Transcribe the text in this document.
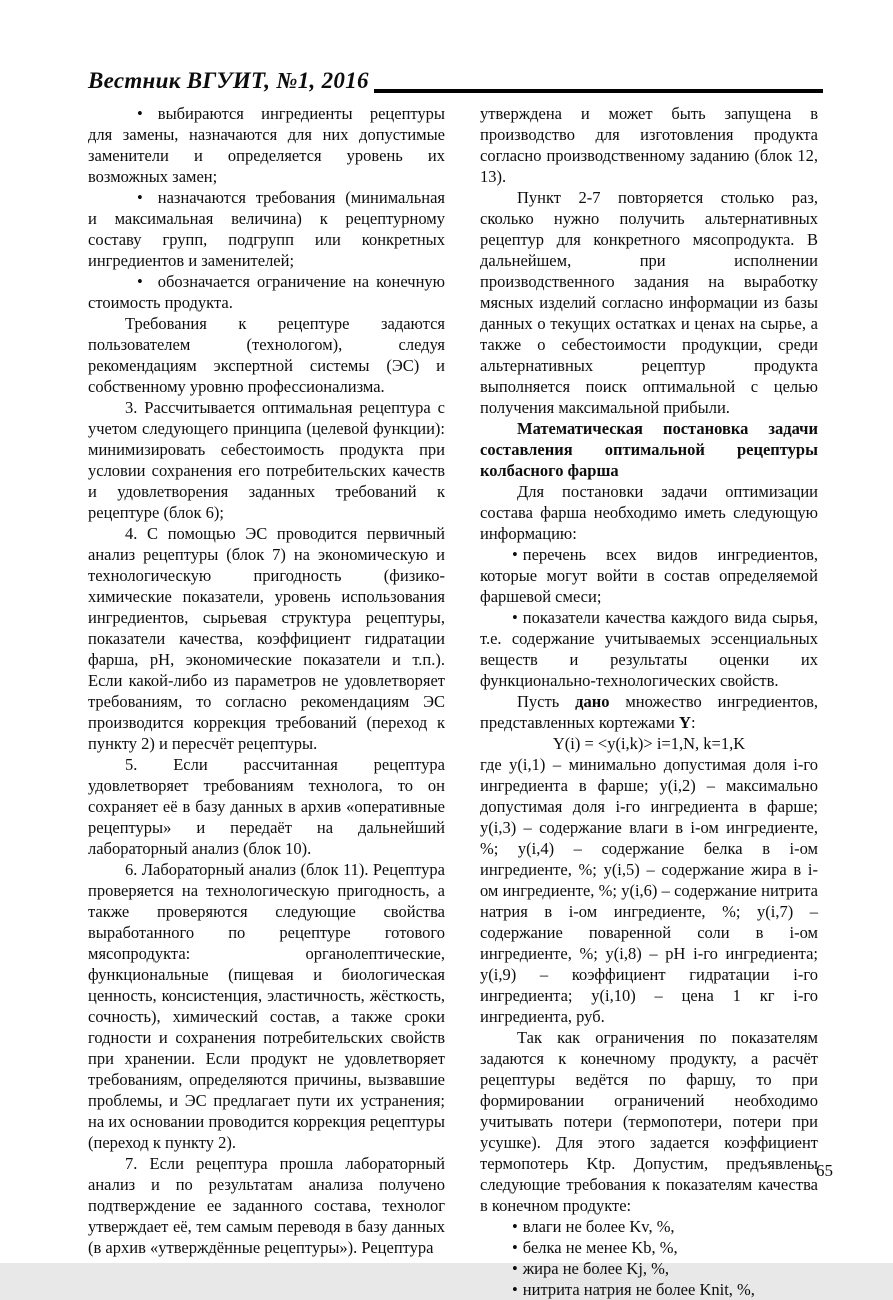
Вестник ВГУИТ, №1, 2016

• выбираются ингредиенты рецептуры для замены, назначаются для них допустимые заменители и определяется уровень их возможных замен;

• назначаются требования (минимальная и максимальная величина) к рецептурному составу групп, подгрупп или конкретных ингредиентов и заменителей;

• обозначается ограничение на конечную стоимость продукта.

Требования к рецептуре задаются пользователем (технологом), следуя рекомендациям экспертной системы (ЭС) и собственному уровню профессионализма.

3. Рассчитывается оптимальная рецептура с учетом следующего принципа (целевой функции): минимизировать себестоимость продукта при условии сохранения его потребительских качеств и удовлетворения заданных требований к рецептуре (блок 6);

4. С помощью ЭС проводится первичный анализ рецептуры (блок 7) на экономическую и технологическую пригодность (физико-химические показатели, уровень использования ингредиентов, сырьевая структура рецептуры, показатели качества, коэффициент гидратации фарша, pH, экономические показатели и т.п.). Если какой-либо из параметров не удовлетворяет требованиям, то согласно рекомендациям ЭС производится коррекция требований (переход к пункту 2) и пересчёт рецептуры.

5. Если рассчитанная рецептура удовлетворяет требованиям технолога, то он сохраняет её в базу данных в архив «оперативные рецептуры» и передаёт на дальнейший лабораторный анализ (блок 10).

6. Лабораторный анализ (блок 11). Рецептура проверяется на технологическую пригодность, а также проверяются следующие свойства выработанного по рецептуре готового мясопродукта: органолептические, функциональные (пищевая и биологическая ценность, консистенция, эластичность, жёсткость, сочность), химический состав, а также сроки годности и сохранения потребительских свойств при хранении. Если продукт не удовлетворяет требованиям, определяются причины, вызвавшие проблемы, и ЭС предлагает пути их устранения; на их основании проводится коррекция рецептуры (переход к пункту 2).

7. Если рецептура прошла лабораторный анализ и по результатам анализа получено подтверждение ее заданного состава, технолог утверждает её, тем самым переводя в базу данных (в архив «утверждённые рецептуры»). Рецептура

утверждена и может быть запущена в производство для изготовления продукта согласно производственному заданию (блок 12, 13).

Пункт 2-7 повторяется столько раз, сколько нужно получить альтернативных рецептур для конкретного мясопродукта. В дальнейшем, при исполнении производственного задания на выработку мясных изделий согласно информации из базы данных о текущих остатках и ценах на сырье, а также о себестоимости продукции, среди альтернативных рецептур продукта выполняется поиск оптимальной с целью получения максимальной прибыли.

Математическая постановка задачи составления оптимальной рецептуры колбасного фарша

Для постановки задачи оптимизации состава фарша необходимо иметь следующую информацию:

• перечень всех видов ингредиентов, которые могут войти в состав определяемой фаршевой смеси;

• показатели качества каждого вида сырья, т.е. содержание учитываемых эссенциальных веществ и результаты оценки их функционально-технологических свойств.

Пусть дано множество ингредиентов, представленных кортежами Y:

Y(i) = <y(i,k)> i=1,N, k=1,K

где y(i,1) – минимально допустимая доля i-го ингредиента в фарше; y(i,2) – максимально допустимая доля i-го ингредиента в фарше; y(i,3) – содержание влаги в i-ом ингредиенте, %; y(i,4) – содержание белка в i-ом ингредиенте, %; y(i,5) – содержание жира в i-ом ингредиенте, %; y(i,6) – содержание нитрита натрия в i-ом ингредиенте, %; y(i,7) – содержание поваренной соли в i-ом ингредиенте, %; y(i,8) – pH i-го ингредиента; y(i,9) – коэффициент гидратации i-го ингредиента; y(i,10) – цена 1 кг i-го ингредиента, руб.

Так как ограничения по показателям задаются к конечному продукту, а расчёт рецептуры ведётся по фаршу, то при формировании ограничений необходимо учитывать потери (термопотери, потери при усушке). Для этого задается коэффициент термопотерь Ktp. Допустим, предъявлены следующие требования к показателям качества в конечном продукте:

• влаги не более Kv, %,

• белка не менее Kb, %,

• жира не более Kj, %,

• нитрита натрия не более Knit, %,

65
